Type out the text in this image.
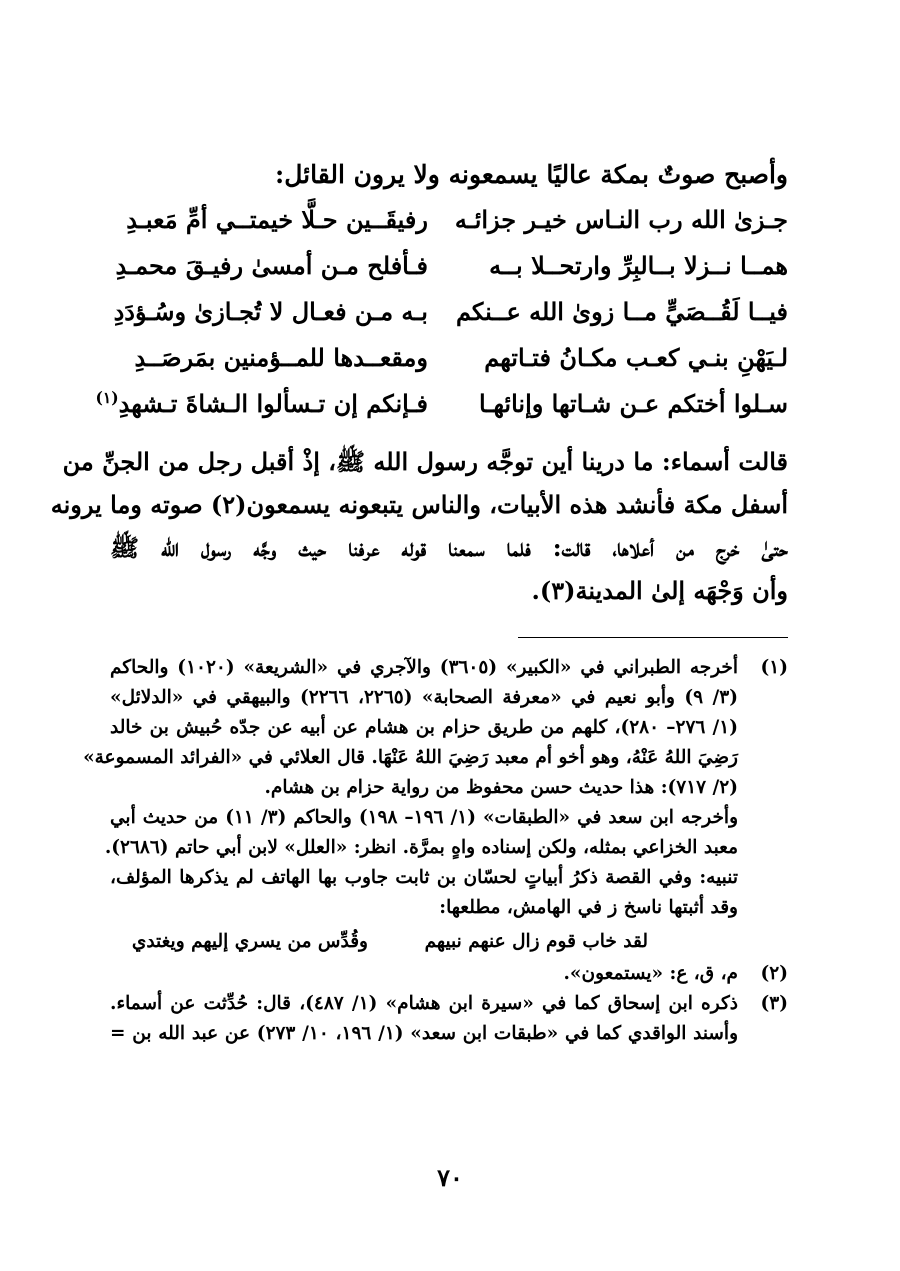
وأصبح صوتٌ بمكة عاليًا يسمعونه ولا يرون القائل:
جـزىٰ الله رب النـاس خيـر جزائـه
رفيقَــين حـلَّا خيمتــي أمِّ مَعبـدِ
همــا نــزلا بــالبِرِّ وارتحــلا بــه
فـأفلح مـن أمسىٰ رفيـقَ محمـدِ
فيــا لَقُــصَيٍّ مــا زوىٰ الله عــنكم
بـه مـن فعـال لا تُجـازىٰ وسُـؤدَدِ
لـيَهْنِ بنـي كعـب مكـانُ فتـاتهم
ومقعــدها للمــؤمنين بمَرصَــدِ
سـلوا أختكم عـن شـاتها وإنائهـا
فـإنكم إن تـسألوا الـشاةَ تـشهدِ$^{(١)}$
قالت أسماء: ما درينا أين توجَّه رسول الله ﷺ، إذْ أقبل رجل من الجنِّ من
أسفل مكة فأنشد هذه الأبيات، والناس يتبعونه يسمعون(٢) صوته وما يرونه
حتىٰ خرج من أعلاها، قالت: فلما سمعنا قوله عرفنا حيث وجَّه رسول الله ﷺ
وأن وَجْهَه إلىٰ المدينة(٣).
(١)
أخرجه الطبراني في «الكبير» (٣٦٠٥) والآجري في «الشريعة» (١٠٢٠) والحاكم
(٣/ ٩) وأبو نعيم في «معرفة الصحابة» (٢٢٦٥، ٢٢٦٦) والبيهقي في «الدلائل»
(١/ ٢٧٦– ٢٨٠)، كلهم من طريق حزام بن هشام عن أبيه عن جدّه حُبيش بن خالد
رَضِيَ اللهُ عَنْهُ، وهو أخو أم معبد رَضِيَ اللهُ عَنْهَا. قال العلائي في «الفرائد المسموعة»
(٢/ ٧١٧): هذا حديث حسن محفوظ من رواية حزام بن هشام.
وأخرجه ابن سعد في «الطبقات» (١/ ١٩٦– ١٩٨) والحاكم (٣/ ١١) من حديث أبي
معبد الخزاعي بمثله، ولكن إسناده واهٍ بمرَّة. انظر: «العلل» لابن أبي حاتم (٢٦٨٦).
تنبيه: وفي القصة ذكرُ أبياتٍ لحسّان بن ثابت جاوب بها الهاتف لم يذكرها المؤلف،
وقد أثبتها ناسخ ز في الهامش، مطلعها:
لقد خاب قوم زال عنهم نبيهم
وقُدِّس من يسري إليهم ويغتدي
(٢)
م، ق، ع: «يستمعون».
(٣)
ذكره ابن إسحاق كما في «سيرة ابن هشام» (١/ ٤٨٧)، قال: حُدِّثت عن أسماء.
وأسند الواقدي كما في «طبقات ابن سعد» (١/ ١٩٦، ١٠/ ٢٧٣) عن عبد الله بن =
٧٠
